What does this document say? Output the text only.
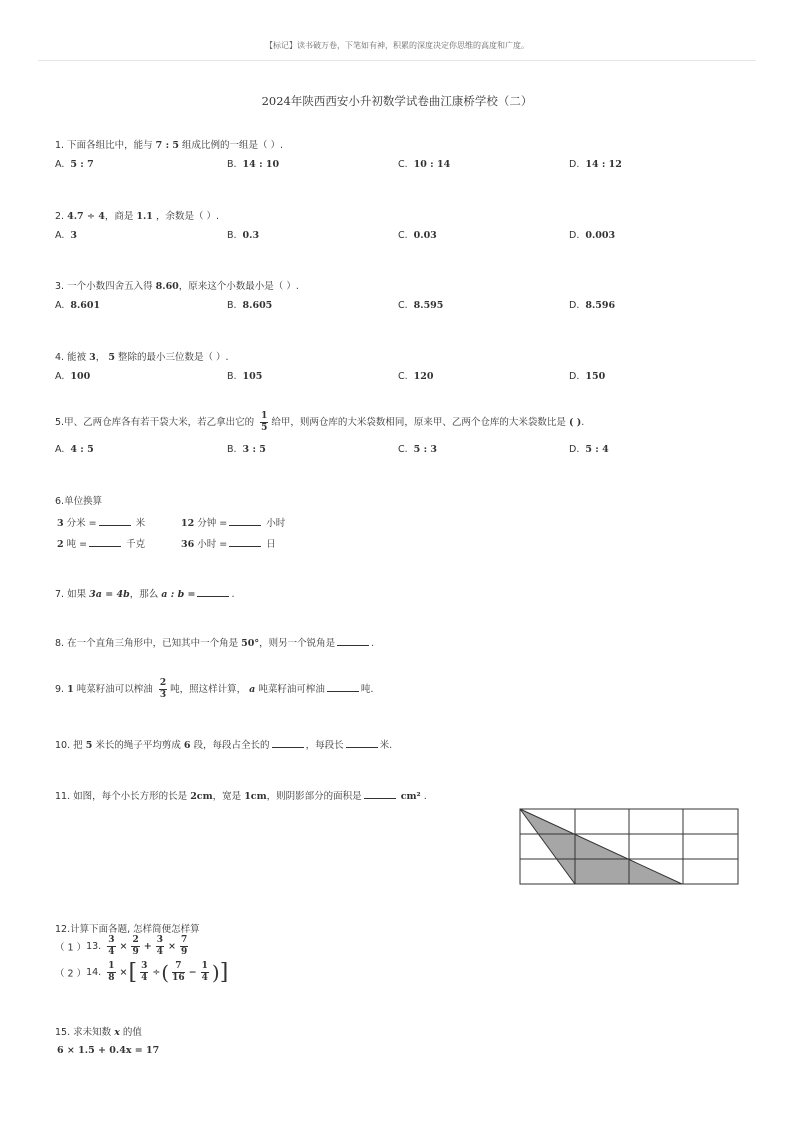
【标记】读书破万卷，下笔如有神，积累的深度决定你思维的高度和广度。
2024年陕西西安小升初数学试卷曲江康桥学校（二）
1. 下面各组比中，能与 7 : 5 组成比例的一组是（ ）.
A. 5 : 7	B. 14 : 10	C. 10 : 14	D. 14 : 12
2. 4.7 ÷ 4，商是 1.1 ，余数是（ ）.
A. 3	B. 0.3	C. 0.03	D. 0.003
3. 一个小数四舍五入得 8.60，原来这个小数最小是（ ）.
A. 8.601	B. 8.605	C. 8.595	D. 8.596
4. 能被 3， 5 整除的最小三位数是（ ）.
A. 100	B. 105	C. 120	D. 150
5.甲、乙两仓库各有若干袋大米，若乙拿出它的 $\frac{1}{5}$ 给甲，则两仓库的大米袋数相同，原来甲、乙两个仓库的大米袋数比是 ( ).
A. 4 : 5	B. 3 : 5	C. 5 : 3	D. 5 : 4
6.单位换算
3 分米 =	米	12 分钟 =	小时
2 吨 =	千克	36 小时 =	日
7. 如果 3a = 4b，那么 a : b =	.
8. 在一个直角三角形中，已知其中一个角是 50°，则另一个锐角是	.
9. 1 吨菜籽油可以榨油 $\frac{2}{3}$ 吨，照这样计算， a 吨菜籽油可榨油	吨.
10. 把 5 米长的绳子平均剪成 6 段，每段占全长的	，每段长	米.
11. 如图，每个小长方形的长是 2cm，宽是 1cm，则阴影部分的面积是	cm² .
12.计算下面各题, 怎样简便怎样算
（ 1 ）13. $\frac{3}{4} \times \frac{2}{9} + \frac{3}{4} \times \frac{7}{9}$
（ 2 ）14. $\frac{1}{8}$ ×[ $\frac{3}{4}$ ÷( $\frac{7}{16} - \frac{1}{4}$ )]
15. 求未知数 x 的值
6 × 1.5 + 0.4x = 17
